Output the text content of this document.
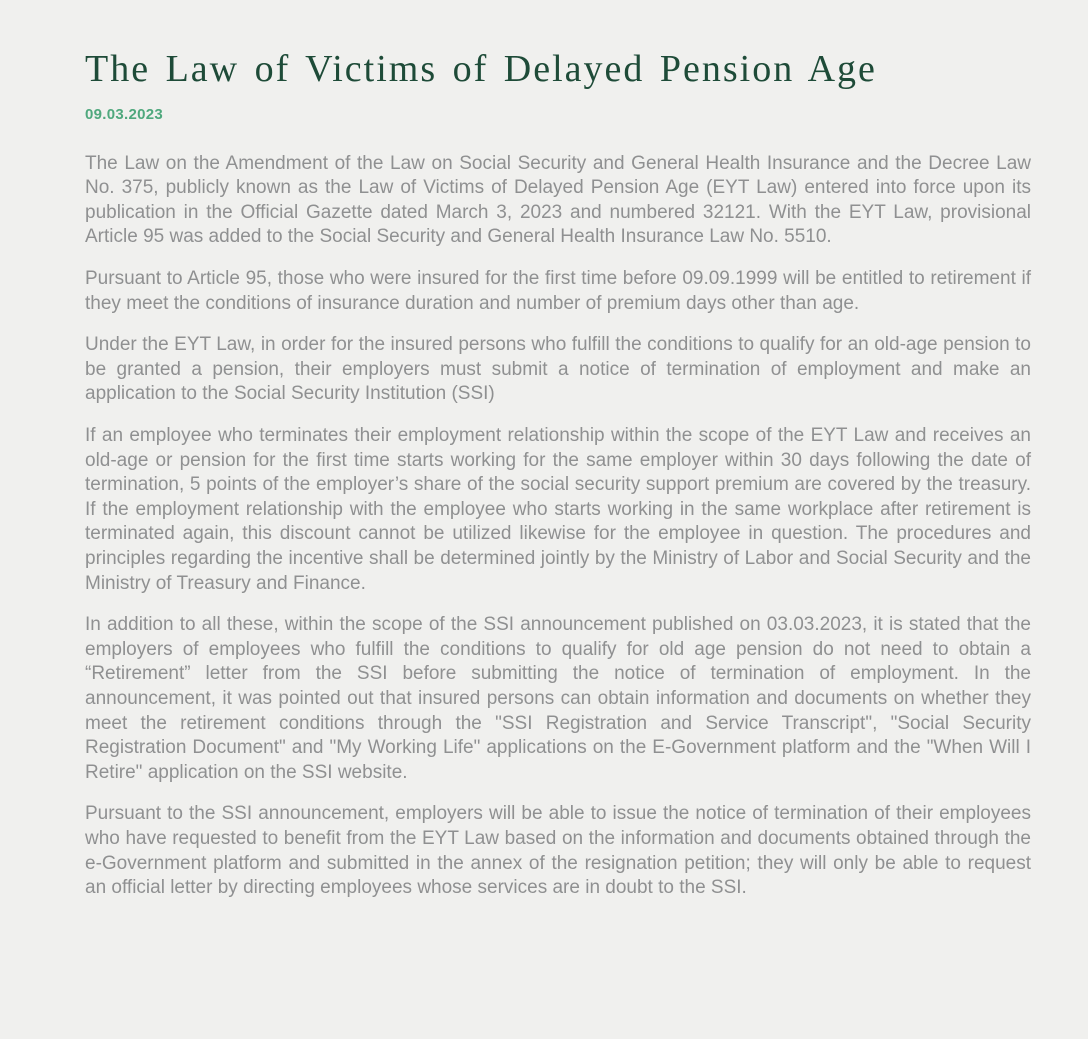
The Law of Victims of Delayed Pension Age
09.03.2023

The Law on the Amendment of the Law on Social Security and General Health Insurance and the Decree Law No. 375, publicly known as the Law of Victims of Delayed Pension Age (EYT Law) entered into force upon its publication in the Official Gazette dated March 3, 2023 and numbered 32121. With the EYT Law, provisional Article 95 was added to the Social Security and General Health Insurance Law No. 5510.

Pursuant to Article 95, those who were insured for the first time before 09.09.1999 will be entitled to retirement if they meet the conditions of insurance duration and number of premium days other than age.

Under the EYT Law, in order for the insured persons who fulfill the conditions to qualify for an old-age pension to be granted a pension, their employers must submit a notice of termination of employment and make an application to the Social Security Institution (SSI)

If an employee who terminates their employment relationship within the scope of the EYT Law and receives an old-age or pension for the first time starts working for the same employer within 30 days following the date of termination, 5 points of the employer’s share of the social security support premium are covered by the treasury. If the employment relationship with the employee who starts working in the same workplace after retirement is terminated again, this discount cannot be utilized likewise for the employee in question. The procedures and principles regarding the incentive shall be determined jointly by the Ministry of Labor and Social Security and the Ministry of Treasury and Finance.

In addition to all these, within the scope of the SSI announcement published on 03.03.2023, it is stated that the employers of employees who fulfill the conditions to qualify for old age pension do not need to obtain a “Retirement” letter from the SSI before submitting the notice of termination of employment. In the announcement, it was pointed out that insured persons can obtain information and documents on whether they meet the retirement conditions through the "SSI Registration and Service Transcript", "Social Security Registration Document" and "My Working Life" applications on the E-Government platform and the "When Will I Retire" application on the SSI website.

Pursuant to the SSI announcement, employers will be able to issue the notice of termination of their employees who have requested to benefit from the EYT Law based on the information and documents obtained through the e-Government platform and submitted in the annex of the resignation petition; they will only be able to request an official letter by directing employees whose services are in doubt to the SSI.
